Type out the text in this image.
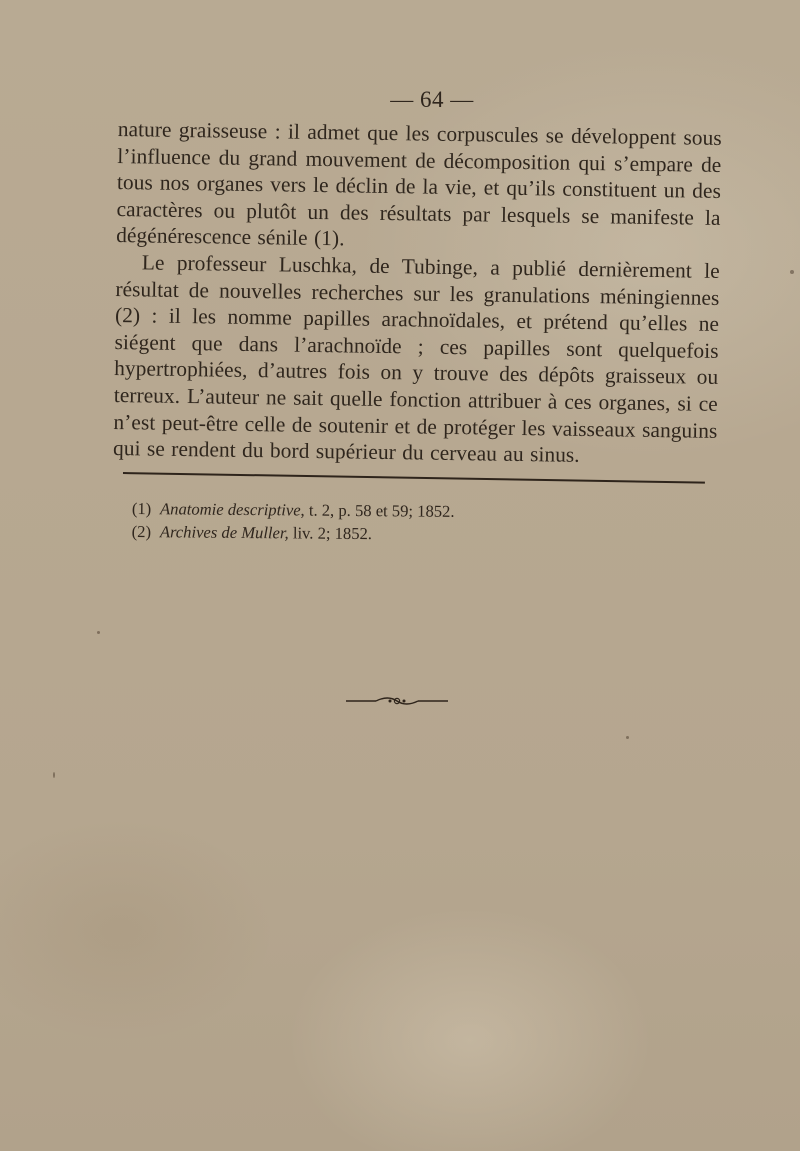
— 64 —

nature graisseuse : il admet que les corpuscules se développent sous l’influence du grand mouvement de décomposition qui s’empare de tous nos organes vers le déclin de la vie, et qu’ils constituent un des caractères ou plutôt un des résultats par lesquels se manifeste la dégénérescence sénile (1).

Le professeur Luschka, de Tubinge, a publié dernièrement le résultat de nouvelles recherches sur les granulations méningiennes (2) : il les nomme papilles arachnoïdales, et prétend qu’elles ne siégent que dans l’arachnoïde ; ces papilles sont quelquefois hypertrophiées, d’autres fois on y trouve des dépôts graisseux ou terreux. L’auteur ne sait quelle fonction attribuer à ces organes, si ce n’est peut-être celle de soutenir et de protéger les vaisseaux sanguins qui se rendent du bord supérieur du cerveau au sinus.

(1) Anatomie descriptive, t. 2, p. 58 et 59; 1852.
(2) Archives de Muller, liv. 2; 1852.
